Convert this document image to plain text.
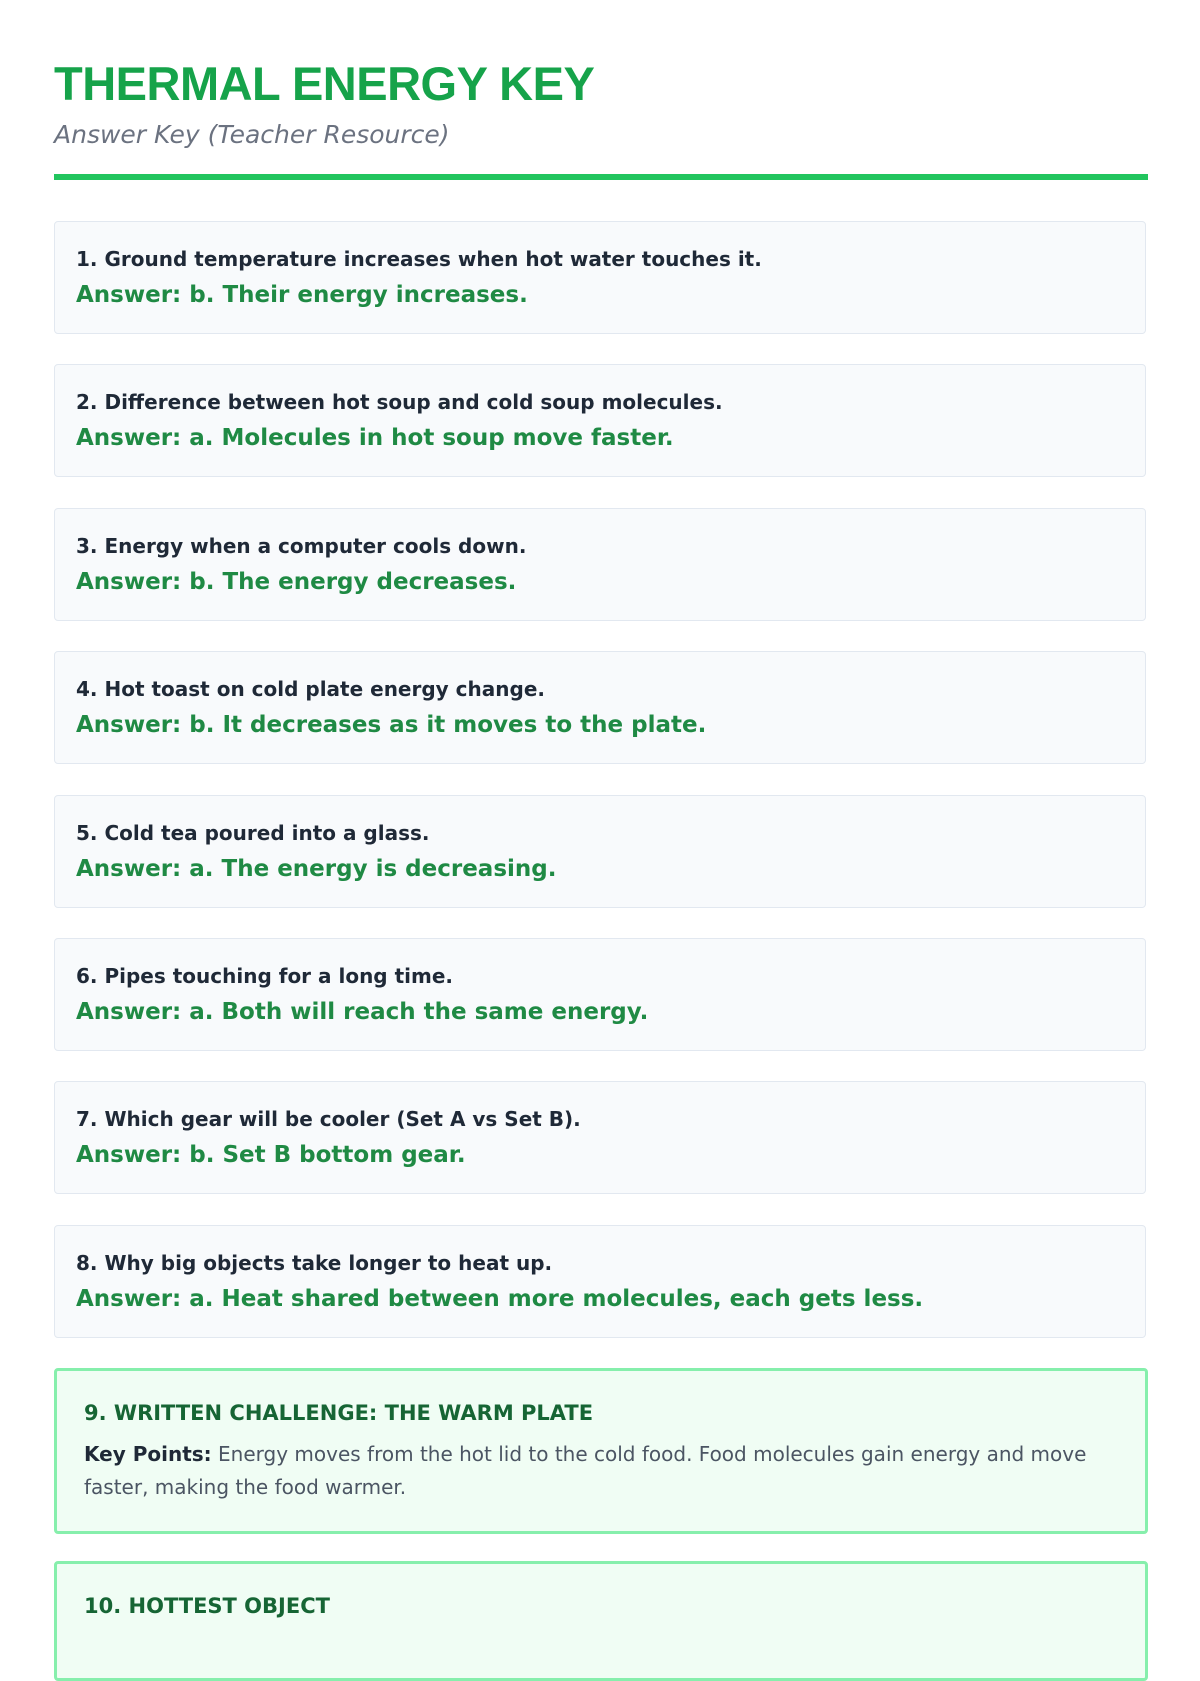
THERMAL ENERGY KEY
Answer Key (Teacher Resource)
1. Ground temperature increases when hot water touches it.
Answer: b. Their energy increases.
2. Difference between hot soup and cold soup molecules.
Answer: a. Molecules in hot soup move faster.
3. Energy when a computer cools down.
Answer: b. The energy decreases.
4. Hot toast on cold plate energy change.
Answer: b. It decreases as it moves to the plate.
5. Cold tea poured into a glass.
Answer: a. The energy is decreasing.
6. Pipes touching for a long time.
Answer: a. Both will reach the same energy.
7. Which gear will be cooler (Set A vs Set B).
Answer: b. Set B bottom gear.
8. Why big objects take longer to heat up.
Answer: a. Heat shared between more molecules, each gets less.
9. WRITTEN CHALLENGE: THE WARM PLATE
Key Points: Energy moves from the hot lid to the cold food. Food molecules gain energy and move faster, making the food warmer.
10. HOTTEST OBJECT
